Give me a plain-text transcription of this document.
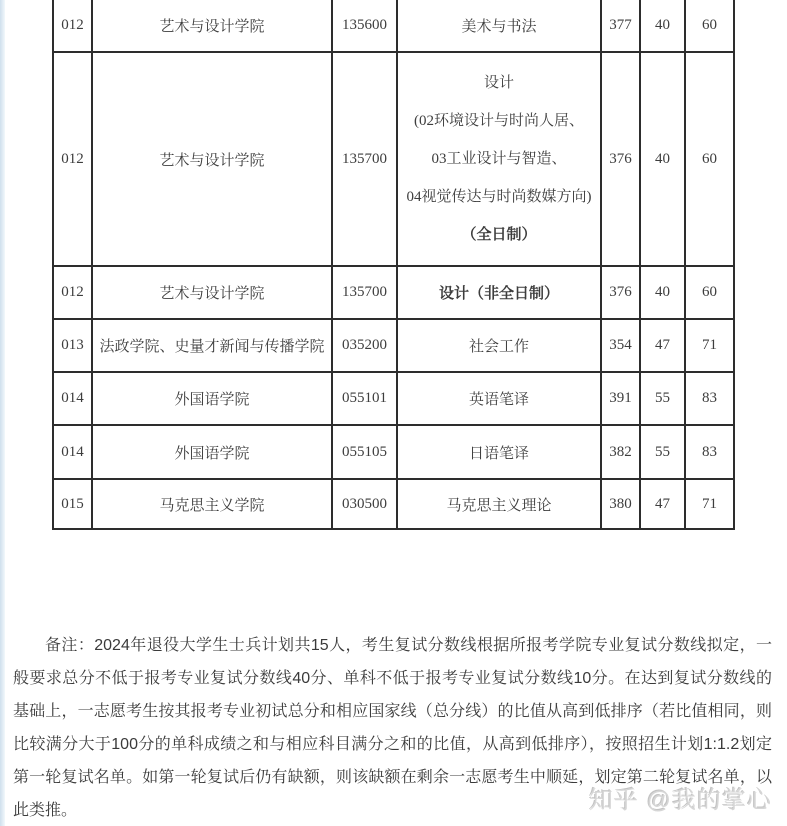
012	艺术与设计学院	135600	美术与书法	377	40	60
012	艺术与设计学院	135700	设计
(02环境设计与时尚人居、
03工业设计与智造、
04视觉传达与时尚数媒方向)
（全日制）	376	40	60
012	艺术与设计学院	135700	设计（非全日制）	376	40	60
013	法政学院、史量才新闻与传播学院	035200	社会工作	354	47	71
014	外国语学院	055101	英语笔译	391	55	83
014	外国语学院	055105	日语笔译	382	55	83
015	马克思主义学院	030500	马克思主义理论	380	47	71
备注：2024年退役大学生士兵计划共15人，考生复试分数线根据所报考学院专业复试分数线拟定，一
般要求总分不低于报考专业复试分数线40分、单科不低于报考专业复试分数线10分。在达到复试分数线的
基础上，一志愿考生按其报考专业初试总分和相应国家线（总分线）的比值从高到低排序（若比值相同，则
比较满分大于100分的单科成绩之和与相应科目满分之和的比值，从高到低排序），按照招生计划1:1.2划定
第一轮复试名单。如第一轮复试后仍有缺额，则该缺额在剩余一志愿考生中顺延，划定第二轮复试名单，以
此类推。	知乎 @我的掌心
